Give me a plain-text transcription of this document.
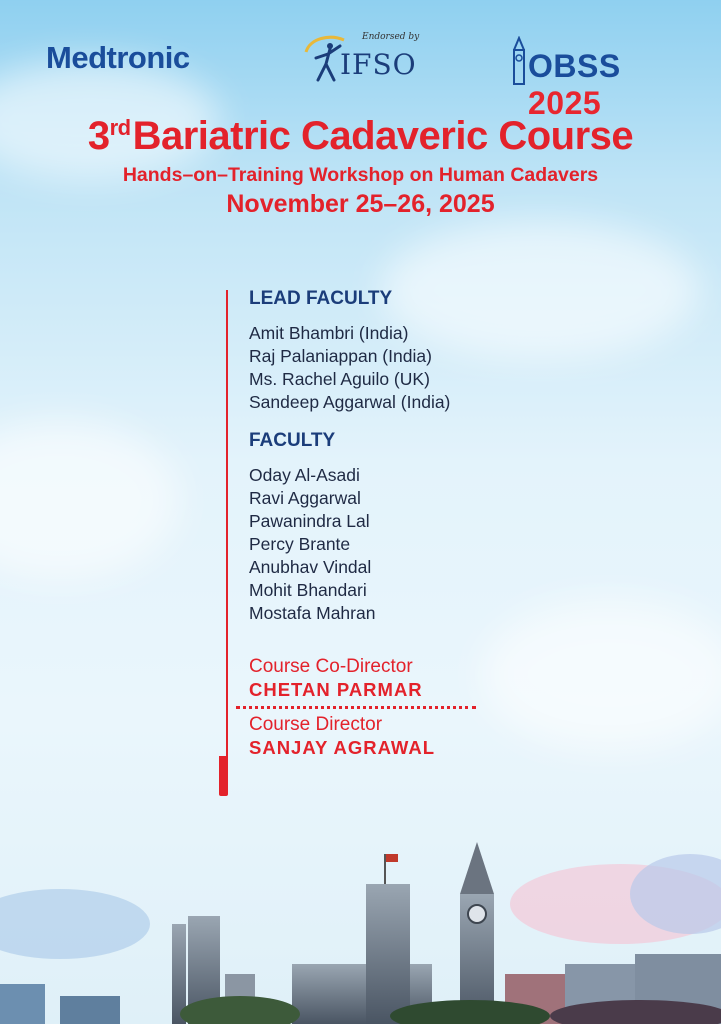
Medtronic
Endorsed by
IFSO	OBSS 2025
3rdBariatric Cadaveric Course
Hands–on–Training Workshop on Human Cadavers
November 25–26, 2025

LEAD FACULTY

Amit Bhambri (India)

Raj Palaniappan (India)

Ms. Rachel Aguilo (UK)

Sandeep Aggarwal (India)

FACULTY

Oday Al-Asadi

Ravi Aggarwal

Pawanindra Lal

Percy Brante

Anubhav Vindal

Mohit Bhandari

Mostafa Mahran

Course Co-Director

CHETAN PARMAR

Course Director

SANJAY AGRAWAL
